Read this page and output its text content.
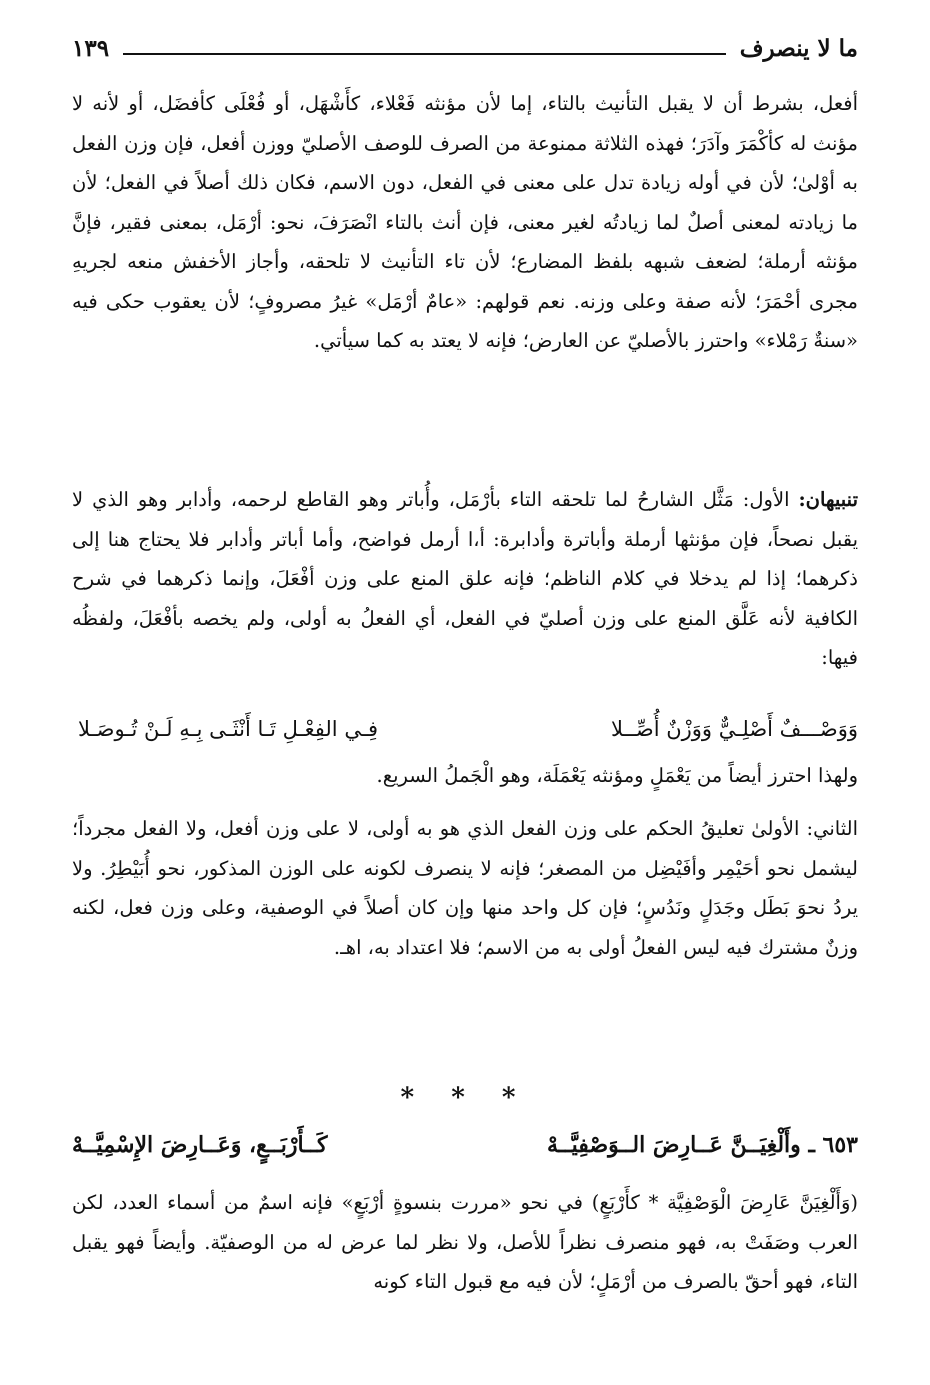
ما لا ينصرف
١٣٩

أفعل، بشرط أن لا يقبل التأنيث بالتاء، إما لأن مؤنثه فَعْلاء، كأَشْهَل، أو فُعْلَى كأفضَل، أو لأنه لا مؤنث له كأكْمَرَ وآدَرَ؛ فهذه الثلاثة ممنوعة من الصرف للوصف الأصليّ ووزن أفعل، فإن وزن الفعل به أوْلىٰ؛ لأن في أوله زيادة تدل على معنى في الفعل، دون الاسم، فكان ذلك أصلاً في الفعل؛ لأن ما زيادته لمعنى أصلٌ لما زيادتُه لغير معنى، فإن أنث بالتاء انْصَرَفَ، نحو: أرْمَل، بمعنى فقير، فإنَّ مؤنثه أرملة؛ لضعف شبهه بلفظ المضارع؛ لأن تاء التأنيث لا تلحقه، وأجاز الأخفش منعه لجريهِ مجرى أحْمَرَ؛ لأنه صفة وعلى وزنه. نعم قولهم: «عامٌ أرْمَل» غيرُ مصروفٍ؛ لأن يعقوب حكى فيه «سنةٌ رَمْلاء» واحترز بالأصليّ عن العارض؛ فإنه لا يعتد به كما سيأتي.

تنبيهان: الأول: مَثَّل الشارحُ لما تلحقه التاء بأرْمَل، وأُباتر وهو القاطع لرحمه، وأدابر وهو الذي لا يقبل نصحاً، فإن مؤنثها أرملة وأباترة وأدابرة: أ،ا أرمل فواضح، وأما أباتر وأدابر فلا يحتاج هنا إلى ذكرهما؛ إذا لم يدخلا في كلام الناظم؛ فإنه علق المنع على وزن أفْعَلَ، وإنما ذكرهما في شرح الكافية لأنه عَلَّق المنع على وزن أصليّ في الفعل، أي الفعلُ به أولى، ولم يخصه بأفْعَلَ، ولفظُه فيها:

وَوَصْـــفٌ أَصْلِـيٌّ وَوَزْنٌ أُصِّــلا
فِـي الفِعْـلِ تَـا أَنْثَـى بِـهِ لَـنْ تُـوصَـلا

ولهذا احترز أيضاً من يَعْمَلٍ ومؤنثه يَعْمَلَة، وهو الْجَملُ السريع.

الثاني: الأولىٰ تعليقُ الحكم على وزن الفعل الذي هو به أولى، لا على وزن أفعل، ولا الفعل مجرداً؛ ليشمل نحو أحَيْمِر وأفَيْضِل من المصغر؛ فإنه لا ينصرف لكونه على الوزن المذكور، نحو أُبَيْطِرُ. ولا يردُ نحوَ بَطَل وجَدَلٍ ونَدُسٍ؛ فإن كل واحد منها وإن كان أصلاً في الوصفية، وعلى وزن فعل، لكنه وزنٌ مشترك فيه ليس الفعلُ أولى به من الاسم؛ فلا اعتداد به، اهـ.

* * *
٦٥٣ ـ وأَلْغِيَــنَّ عَــارِضَ الــوَصْفِيَّــهْ
كَــأَرْبَــعٍ، وَعَــارِضَ الإِسْمِيَّــهْ

(وَأَلْغِيَنَّ عَارِضَ الْوَصْفِيَّة * كأَرْبَعٍ) في نحو «مررت بنسوةٍ أرْبَعٍ» فإنه اسمٌ من أسماء العدد، لكن العرب وصَفَتْ به، فهو منصرف نظراً للأصل، ولا نظر لما عرض له من الوصفيّة. وأيضاً فهو يقبل التاء، فهو أحقّ بالصرف من أرْمَلٍ؛ لأن فيه مع قبول التاء كونه
